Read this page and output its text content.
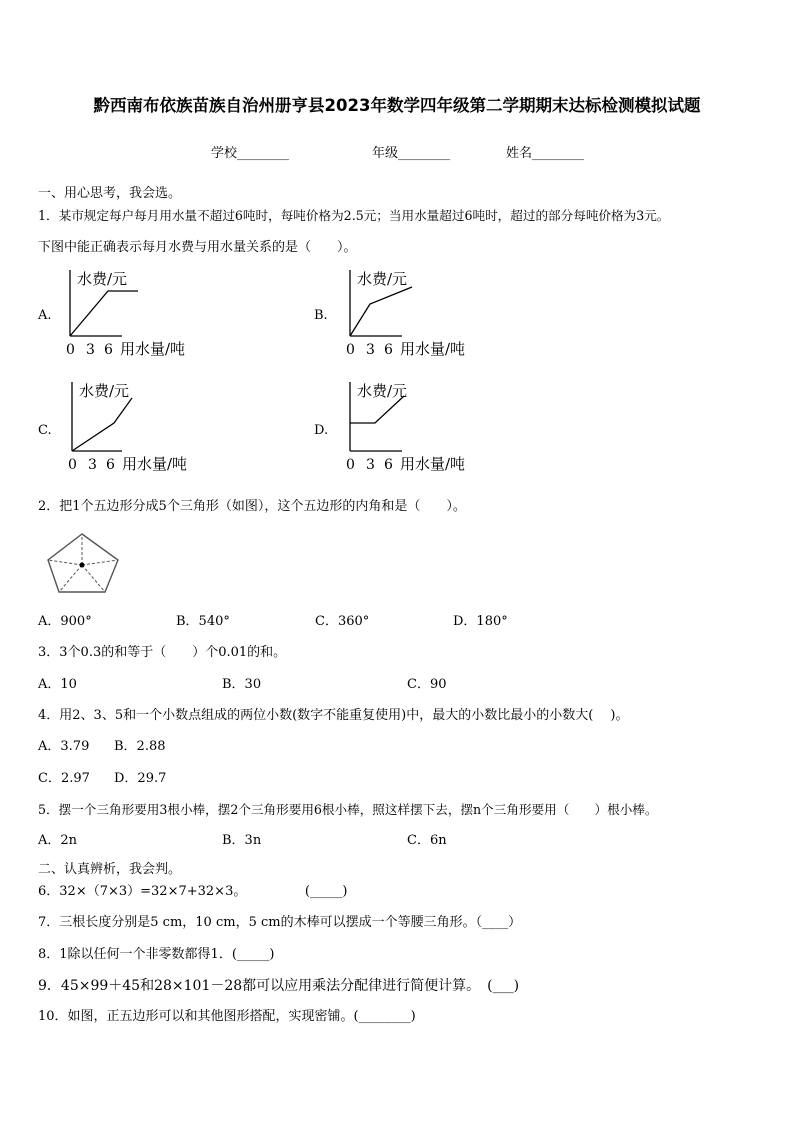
黔西南布依族苗族自治州册亨县2023年数学四年级第二学期期末达标检测模拟试题
学校________	年级________	姓名________
一、用心思考，我会选。
1．某市规定每户每月用水量不超过6吨时，每吨价格为2.5元；当用水量超过6吨时，超过的部分每吨价格为3元。
下图中能正确表示每月水费与用水量关系的是（　　）。
A.
水费/元
0 3 6 用水量/吨
B.
水费/元
0 3 6 用水量/吨
C.
水费/元
0 3 6 用水量/吨
D.
水费/元
0 3 6 用水量/吨
2．把1个五边形分成5个三角形（如图），这个五边形的内角和是（　　）。
A．900°	B．540°	C．360°	D．180°
3．3个0.3的和等于（　　）个0.01的和。
A．10	B．30	C．90
4．用2、3、5和一个小数点组成的两位小数(数字不能重复使用)中，最大的小数比最小的小数大(　 )。
A．3.79 B．2.88
C．2.97 D．29.7
5．摆一个三角形要用3根小棒，摆2个三角形要用6根小棒，照这样摆下去，摆n个三角形要用（　　）根小棒。
A．2n	B．3n	C．6n
二、认真辨析，我会判。
6．32×（7×3）=32×7+32×3。　　　　　(_____)
7．三根长度分别是5 cm，10 cm，5 cm的木棒可以摆成一个等腰三角形。（____）
8．1除以任何一个非零数都得1．(_____)
9．45×99＋45和28×101－28都可以应用乘法分配律进行简便计算。　(___)
10．如图，正五边形可以和其他图形搭配，实现密铺。(________)
